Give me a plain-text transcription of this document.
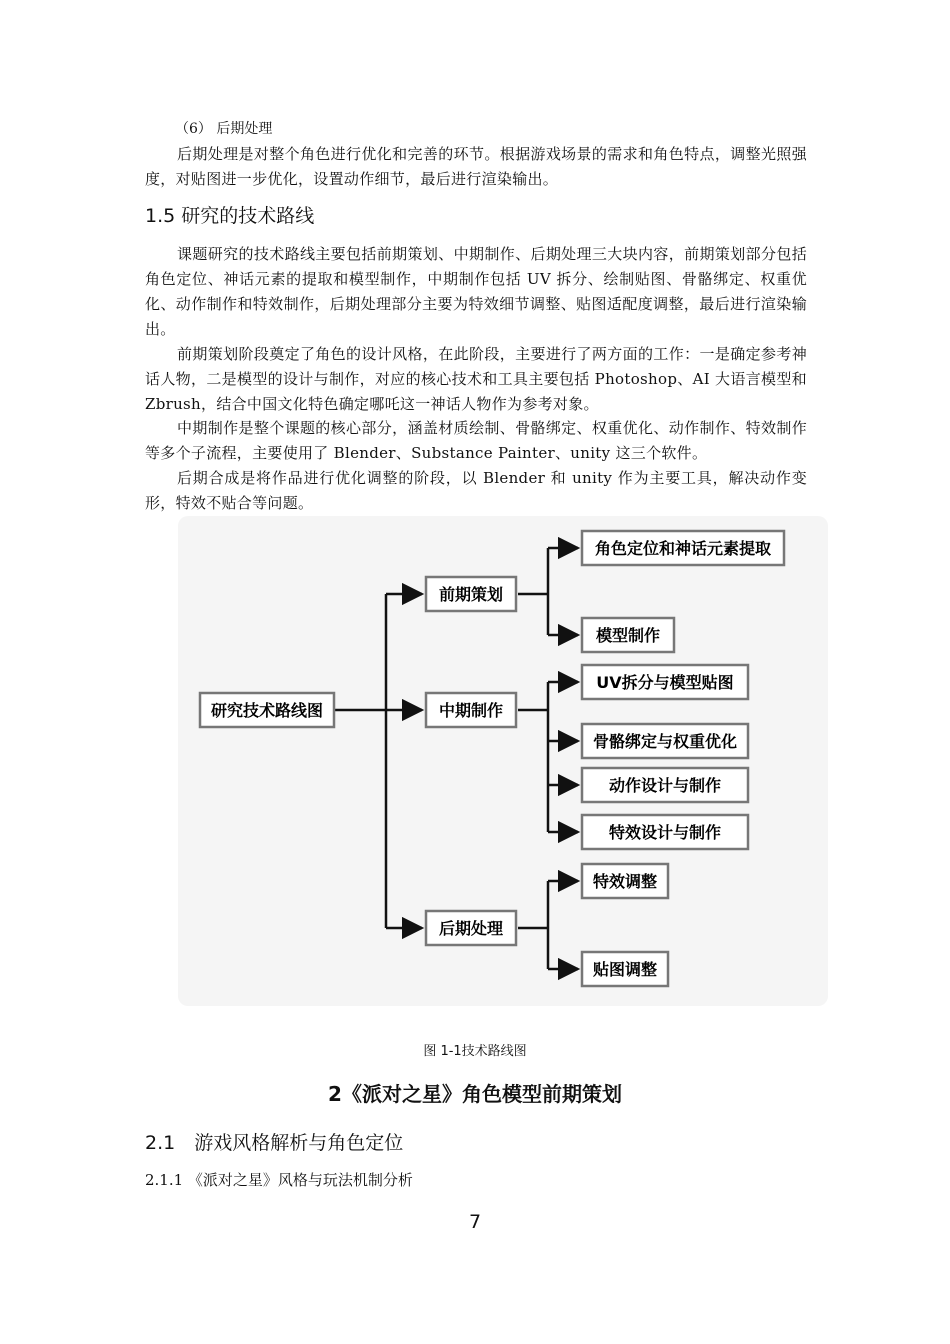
（6） 后期处理

后期处理是对整个角色进行优化和完善的环节。根据游戏场景的需求和角色特点，调整光照强度，对贴图进一步优化，设置动作细节，最后进行渲染输出。

1.5 研究的技术路线

课题研究的技术路线主要包括前期策划、中期制作、后期处理三大块内容，前期策划部分包括角色定位、神话元素的提取和模型制作，中期制作包括 UV 拆分、绘制贴图、骨骼绑定、权重优化、动作制作和特效制作，后期处理部分主要为特效细节调整、贴图适配度调整，最后进行渲染输出。

前期策划阶段奠定了角色的设计风格，在此阶段，主要进行了两方面的工作：一是确定参考神话人物，二是模型的设计与制作，对应的核心技术和工具主要包括 Photoshop、AI 大语言模型和 Zbrush，结合中国文化特色确定哪吒这一神话人物作为参考对象。

中期制作是整个课题的核心部分，涵盖材质绘制、骨骼绑定、权重优化、动作制作、特效制作等多个子流程，主要使用了 Blender、Substance Painter、unity 这三个软件。

后期合成是将作品进行优化调整的阶段，以 Blender 和 unity 作为主要工具，解决动作变形，特效不贴合等问题。

研究技术路线图
前期策划
角色定位和神话元素提取
模型制作
中期制作
UV拆分与模型贴图
骨骼绑定与权重优化
动作设计与制作
特效设计与制作
后期处理
特效调整
贴图调整
图 1-1技术路线图
2《派对之星》角色模型前期策划
2.1　游戏风格解析与角色定位
2.1.1 《派对之星》风格与玩法机制分析
7
